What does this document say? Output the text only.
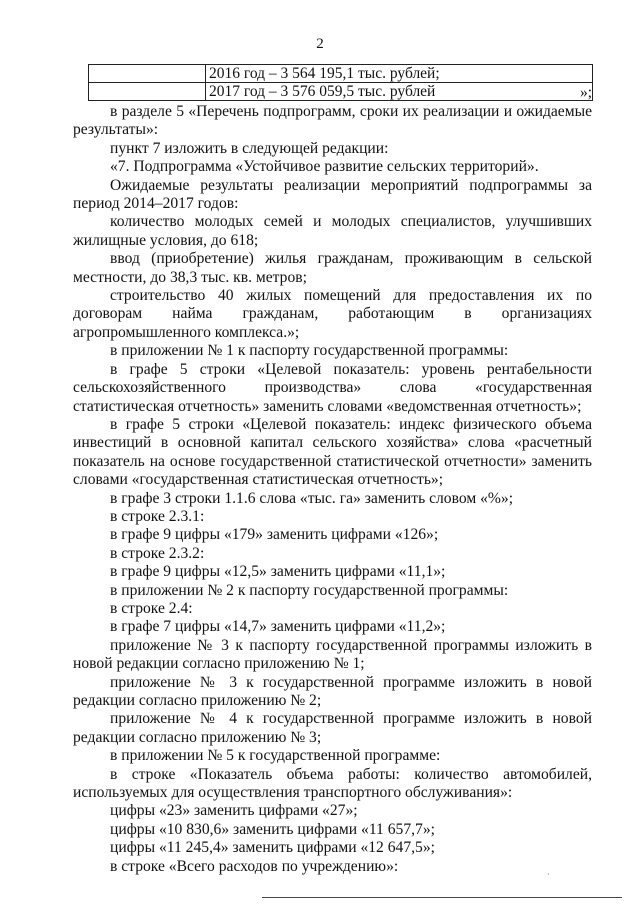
2
	2016 год – 3 564 195,1 тыс. рублей;
	2017 год – 3 576 059,5 тыс. рублей	»;

в разделе 5 «Перечень подпрограмм, сроки их реализации и ожидаемые результаты»:

пункт 7 изложить в следующей редакции:

«7. Подпрограмма «Устойчивое развитие сельских территорий».

Ожидаемые результаты реализации мероприятий подпрограммы за период 2014–2017 годов:

количество молодых семей и молодых специалистов, улучшивших жилищные условия, до 618;

ввод (приобретение) жилья гражданам, проживающим в сельской местности, до 38,3 тыс. кв. метров;

строительство 40 жилых помещений для предоставления их по договорам найма гражданам, работающим в организациях агропромышленного комплекса.»;

в приложении № 1 к паспорту государственной программы:

в графе 5 строки «Целевой показатель: уровень рентабельности сельскохозяйственного производства» слова «государственная статистическая отчетность» заменить словами «ведомственная отчетность»;

в графе 5 строки «Целевой показатель: индекс физического объема инвестиций в основной капитал сельского хозяйства» слова «расчетный показатель на основе государственной статистической отчетности» заменить словами «государственная статистическая отчетность»;

в графе 3 строки 1.1.6 слова «тыс. га» заменить словом «%»;

в строке 2.3.1:

в графе 9 цифры «179» заменить цифрами «126»;

в строке 2.3.2:

в графе 9 цифры «12,5» заменить цифрами «11,1»;

в приложении № 2 к паспорту государственной программы:

в строке 2.4:

в графе 7 цифры «14,7» заменить цифрами «11,2»;

приложение № 3 к паспорту государственной программы изложить в новой редакции согласно приложению № 1;

приложение № 3 к государственной программе изложить в новой редакции согласно приложению № 2;

приложение № 4 к государственной программе изложить в новой редакции согласно приложению № 3;

в приложении № 5 к государственной программе:

в строке «Показатель объема работы: количество автомобилей, используемых для осуществления транспортного обслуживания»:

цифры «23» заменить цифрами «27»;

цифры «10 830,6» заменить цифрами «11 657,7»;

цифры «11 245,4» заменить цифрами «12 647,5»;

в строке «Всего расходов по учреждению»:	·
